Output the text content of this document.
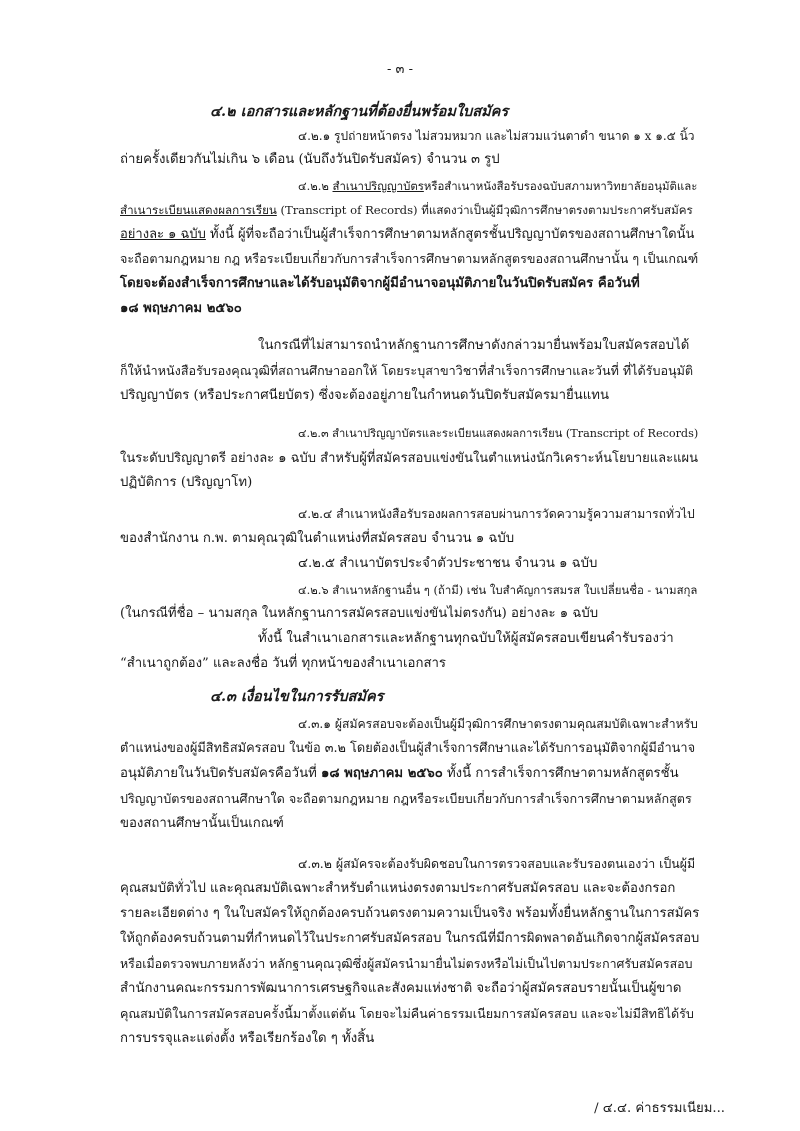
- ๓ -
๔.๒ เอกสารและหลักฐานที่ต้องยื่นพร้อมใบสมัคร
๔.๒.๑ รูปถ่ายหน้าตรง ไม่สวมหมวก และไม่สวมแว่นตาดำ ขนาด ๑ x ๑.๕ นิ้ว
ถ่ายครั้งเดียวกันไม่เกิน ๖ เดือน (นับถึงวันปิดรับสมัคร) จำนวน ๓ รูป
๔.๒.๒ สำเนาปริญญาบัตรหรือสำเนาหนังสือรับรองฉบับสภามหาวิทยาลัยอนุมัติและ
สำเนาระเบียนแสดงผลการเรียน (Transcript of Records) ที่แสดงว่าเป็นผู้มีวุฒิการศึกษาตรงตามประกาศรับสมัคร
อย่างละ ๑ ฉบับ ทั้งนี้ ผู้ที่จะถือว่าเป็นผู้สำเร็จการศึกษาตามหลักสูตรชั้นปริญญาบัตรของสถานศึกษาใดนั้น
จะถือตามกฎหมาย กฎ หรือระเบียบเกี่ยวกับการสำเร็จการศึกษาตามหลักสูตรของสถานศึกษานั้น ๆ เป็นเกณฑ์
โดยจะต้องสำเร็จการศึกษาและได้รับอนุมัติจากผู้มีอำนาจอนุมัติภายในวันปิดรับสมัคร คือวันที่
๑๘ พฤษภาคม ๒๕๖๐
ในกรณีที่ไม่สามารถนำหลักฐานการศึกษาดังกล่าวมายื่นพร้อมใบสมัครสอบได้
ก็ให้นำหนังสือรับรองคุณวุฒิที่สถานศึกษาออกให้ โดยระบุสาขาวิชาที่สำเร็จการศึกษาและวันที่ ที่ได้รับอนุมัติ
ปริญญาบัตร (หรือประกาศนียบัตร) ซึ่งจะต้องอยู่ภายในกำหนดวันปิดรับสมัครมายื่นแทน
๔.๒.๓ สำเนาปริญญาบัตรและระเบียนแสดงผลการเรียน (Transcript of Records)
ในระดับปริญญาตรี อย่างละ ๑ ฉบับ สำหรับผู้ที่สมัครสอบแข่งขันในตำแหน่งนักวิเคราะห์นโยบายและแผน
ปฏิบัติการ (ปริญญาโท)
๔.๒.๔ สำเนาหนังสือรับรองผลการสอบผ่านการวัดความรู้ความสามารถทั่วไป
ของสำนักงาน ก.พ. ตามคุณวุฒิในตำแหน่งที่สมัครสอบ จำนวน ๑ ฉบับ
๔.๒.๕ สำเนาบัตรประจำตัวประชาชน จำนวน ๑ ฉบับ
๔.๒.๖ สำเนาหลักฐานอื่น ๆ (ถ้ามี) เช่น ใบสำคัญการสมรส ใบเปลี่ยนชื่อ - นามสกุล
(ในกรณีที่ชื่อ – นามสกุล ในหลักฐานการสมัครสอบแข่งขันไม่ตรงกัน) อย่างละ ๑ ฉบับ
ทั้งนี้ ในสำเนาเอกสารและหลักฐานทุกฉบับให้ผู้สมัครสอบเขียนคำรับรองว่า
“สำเนาถูกต้อง” และลงชื่อ วันที่ ทุกหน้าของสำเนาเอกสาร
๔.๓ เงื่อนไขในการรับสมัคร
๔.๓.๑ ผู้สมัครสอบจะต้องเป็นผู้มีวุฒิการศึกษาตรงตามคุณสมบัติเฉพาะสำหรับ
ตำแหน่งของผู้มีสิทธิสมัครสอบ ในข้อ ๓.๒ โดยต้องเป็นผู้สำเร็จการศึกษาและได้รับการอนุมัติจากผู้มีอำนาจ
อนุมัติภายในวันปิดรับสมัครคือวันที่ ๑๘ พฤษภาคม ๒๕๖๐ ทั้งนี้ การสำเร็จการศึกษาตามหลักสูตรชั้น
ปริญญาบัตรของสถานศึกษาใด จะถือตามกฎหมาย กฎหรือระเบียบเกี่ยวกับการสำเร็จการศึกษาตามหลักสูตร
ของสถานศึกษานั้นเป็นเกณฑ์
๔.๓.๒ ผู้สมัครจะต้องรับผิดชอบในการตรวจสอบและรับรองตนเองว่า เป็นผู้มี
คุณสมบัติทั่วไป และคุณสมบัติเฉพาะสำหรับตำแหน่งตรงตามประกาศรับสมัครสอบ และจะต้องกรอก
รายละเอียดต่าง ๆ ในใบสมัครให้ถูกต้องครบถ้วนตรงตามความเป็นจริง พร้อมทั้งยื่นหลักฐานในการสมัคร
ให้ถูกต้องครบถ้วนตามที่กำหนดไว้ในประกาศรับสมัครสอบ ในกรณีที่มีการผิดพลาดอันเกิดจากผู้สมัครสอบ
หรือเมื่อตรวจพบภายหลังว่า หลักฐานคุณวุฒิซึ่งผู้สมัครนำมายื่นไม่ตรงหรือไม่เป็นไปตามประกาศรับสมัครสอบ
สำนักงานคณะกรรมการพัฒนาการเศรษฐกิจและสังคมแห่งชาติ จะถือว่าผู้สมัครสอบรายนั้นเป็นผู้ขาด
คุณสมบัติในการสมัครสอบครั้งนี้มาตั้งแต่ต้น โดยจะไม่คืนค่าธรรมเนียมการสมัครสอบ และจะไม่มีสิทธิได้รับ
การบรรจุและแต่งตั้ง หรือเรียกร้องใด ๆ ทั้งสิ้น
/ ๔.๔. ค่าธรรมเนียม...
